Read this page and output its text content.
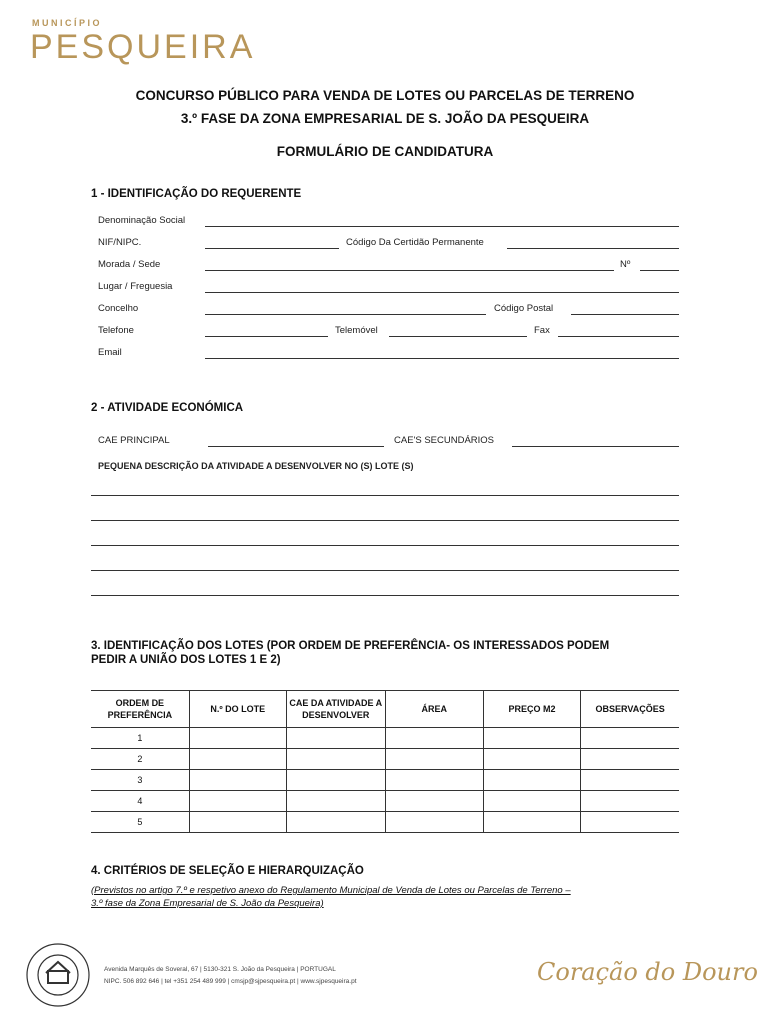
MUNICÍPIO
PESQUEIRA
CONCURSO PÚBLICO PARA VENDA DE LOTES OU PARCELAS DE TERRENO
3.º FASE DA ZONA EMPRESARIAL DE S. JOÃO DA PESQUEIRA
FORMULÁRIO DE CANDIDATURA
1 - IDENTIFICAÇÃO DO REQUERENTE
Denominação Social
NIF/NIPC.	Código Da Certidão Permanente
Morada / Sede	Nº
Lugar / Freguesia
Concelho	Código Postal
Telefone	Telemóvel	Fax
Email
2 - ATIVIDADE ECONÓMICA
CAE PRINCIPAL	CAE'S SECUNDÁRIOS
PEQUENA DESCRIÇÃO DA ATIVIDADE A DESENVOLVER NO (S) LOTE (S)
3. IDENTIFICAÇÃO DOS LOTES (POR ORDEM DE PREFERÊNCIA- OS INTERESSADOS PODEM
PEDIR A UNIÃO DOS LOTES 1 E 2)
ORDEM DE PREFERÊNCIA	N.º DO LOTE	CAE DA ATIVIDADE A DESENVOLVER	ÁREA	PREÇO M2	OBSERVAÇÕES
1					
2					
3					
4					
5					
4. CRITÉRIOS DE SELEÇÃO E HIERARQUIZAÇÃO
(Previstos no artigo 7.º e respetivo anexo do Regulamento Municipal de Venda de Lotes ou Parcelas de Terreno –
3.º fase da Zona Empresarial de S. João da Pesqueira)
Avenida Marquês de Soveral, 67 | 5130-321 S. João da Pesqueira | PORTUGAL
NIPC. 506 892 646 | tel +351 254 489 999 | cmsjp@sjpesqueira.pt | www.sjpesqueira.pt	Coração do Douro
